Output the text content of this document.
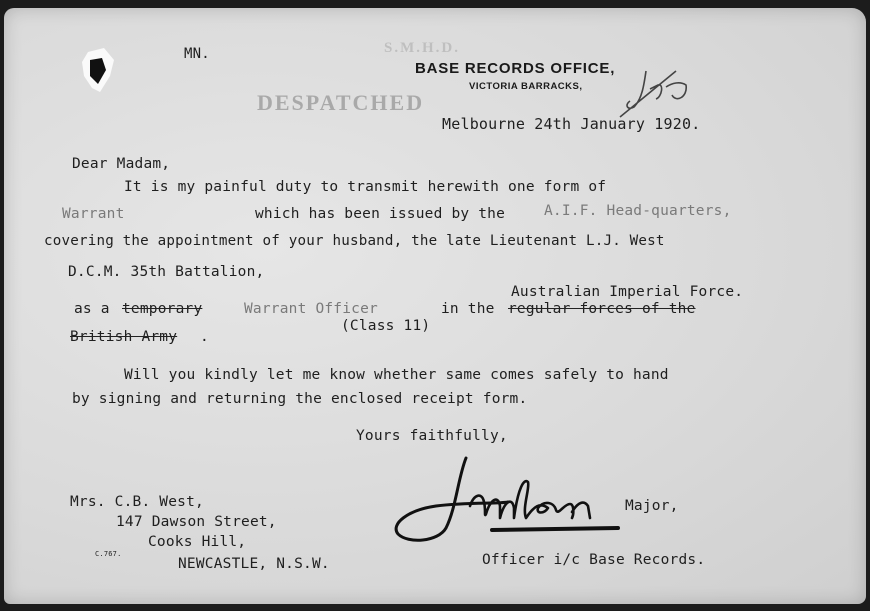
MN.	S.M.H.D.
BASE RECORDS OFFICE,
VICTORIA BARRACKS,
DESPATCHED
Melbourne 24th January 1920.
Dear Madam,
It is my painful duty to transmit herewith one form of
Warrant	which has been issued by the	A.I.F. Head-quarters,
covering the appointment of your husband, the late Lieutenant L.J. West
D.C.M. 35th Battalion,
Australian Imperial Force.
as a temporary	Warrant Officer	in the regular forces of the
(Class 11)
British Army .
Will you kindly let me know whether same comes safely to hand
by signing and returning the enclosed receipt form.
Yours faithfully,
Mrs. C.B. West,
147 Dawson Street,
Cooks Hill,
C.767.
NEWCASTLE, N.S.W.
Major,
Officer i/c Base Records.
